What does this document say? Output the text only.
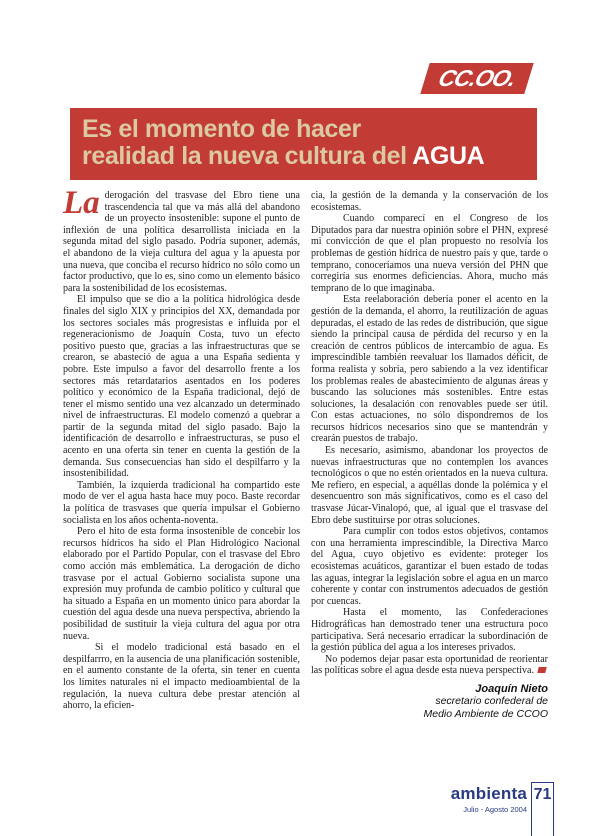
CC.OO.
Es el momento de hacer
realidad la nueva cultura del AGUA

La derogación del trasvase del Ebro tiene una trascendencia tal que va más allá del abandono de un proyecto insostenible: supone el punto de inflexión de una política desarrollista iniciada en la segunda mitad del siglo pasado. Podría suponer, además, el abandono de la vieja cultura del agua y la apuesta por una nueva, que conciba el recurso hídrico no sólo como un factor productivo, que lo es, sino como un elemento básico para la sostenibilidad de los ecosistemas.

El impulso que se dio a la política hidrológica desde finales del siglo XIX y principios del XX, demandada por los sectores sociales más progresistas e influida por el regeneracionismo de Joaquín Costa, tuvo un efecto positivo puesto que, gracias a las infraestructuras que se crearon, se abasteció de agua a una España sedienta y pobre. Este impulso a favor del desarrollo frente a los sectores más retardatarios asentados en los poderes político y económico de la España tradicional, dejó de tener el mismo sentido una vez alcanzado un determinado nivel de infraestructuras. El modelo comenzó a quebrar a partir de la segunda mitad del siglo pasado. Bajo la identificación de desarrollo e infraestructuras, se puso el acento en una oferta sin tener en cuenta la gestión de la demanda. Sus consecuencias han sido el despilfarro y la insostenibilidad.

También, la izquierda tradicional ha compartido este modo de ver el agua hasta hace muy poco. Baste recordar la política de trasvases que quería impulsar el Gobierno socialista en los años ochenta-noventa.

Pero el hito de esta forma insostenible de concebir los recursos hídricos ha sido el Plan Hidrológico Nacional elaborado por el Partido Popular, con el trasvase del Ebro como acción más emblemática. La derogación de dicho trasvase por el actual Gobierno socialista supone una expresión muy profunda de cambio político y cultural que ha situado a España en un momento único para abordar la cuestión del agua desde una nueva perspectiva, abriendo la posibilidad de sustituir la vieja cultura del agua por otra nueva.

Si el modelo tradicional está basado en el despilfarrro, en la ausencia de una planificación sostenible, en el aumento constante de la oferta, sin tener en cuenta los límites naturales ni el impacto medioambiental de la regulación, la nueva cultura debe prestar atención al ahorro, la eficien-

cia, la gestión de la demanda y la conservación de los ecosistemas.

Cuando comparecí en el Congreso de los Diputados para dar nuestra opinión sobre el PHN, expresé mi convicción de que el plan propuesto no resolvía los problemas de gestión hídrica de nuestro país y que, tarde o temprano, conoceríamos una nueva versión del PHN que corregiría sus enormes deficiencias. Ahora, mucho más temprano de lo que imaginaba.

Esta reelaboración debería poner el acento en la gestión de la demanda, el ahorro, la reutilización de aguas depuradas, el estado de las redes de distribución, que sigue siendo la principal causa de pérdida del recurso y en la creación de centros públicos de intercambio de agua. Es imprescindible también reevaluar los llamados déficit, de forma realista y sobria, pero sabiendo a la vez identificar los problemas reales de abastecimiento de algunas áreas y buscando las soluciones más sostenibles. Entre estas soluciones, la desalación con renovables puede ser útil. Con estas actuaciones, no sólo dispondremos de los recursos hídricos necesarios sino que se mantendrán y crearán puestos de trabajo.

Es necesario, asimismo, abandonar los proyectos de nuevas infraestructuras que no contemplen los avances tecnológicos o que no estén orientados en la nueva cultura. Me refiero, en especial, a aquéllas donde la polémica y el desencuentro son más significativos, como es el caso del trasvase Júcar-Vinalopó, que, al igual que el trasvase del Ebro debe sustituirse por otras soluciones.

Para cumplir con todos estos objetivos, contamos con una herramienta imprescindible, la Directiva Marco del Agua, cuyo objetivo es evidente: proteger los ecosistemas acuáticos, garantizar el buen estado de todas las aguas, integrar la legislación sobre el agua en un marco coherente y contar con instrumentos adecuados de gestión por cuencas.

Hasta el momento, las Confederaciones Hidrográficas han demostrado tener una estructura poco participativa. Será necesario erradicar la subordinación de la gestión pública del agua a los intereses privados.

No podemos dejar pasar esta oportunidad de reorientar las políticas sobre el agua desde esta nueva perspectiva.

Joaquín Nieto
secretario confederal de
Medio Ambiente de CCOO
ambienta
Julio - Agosto 2004
71
